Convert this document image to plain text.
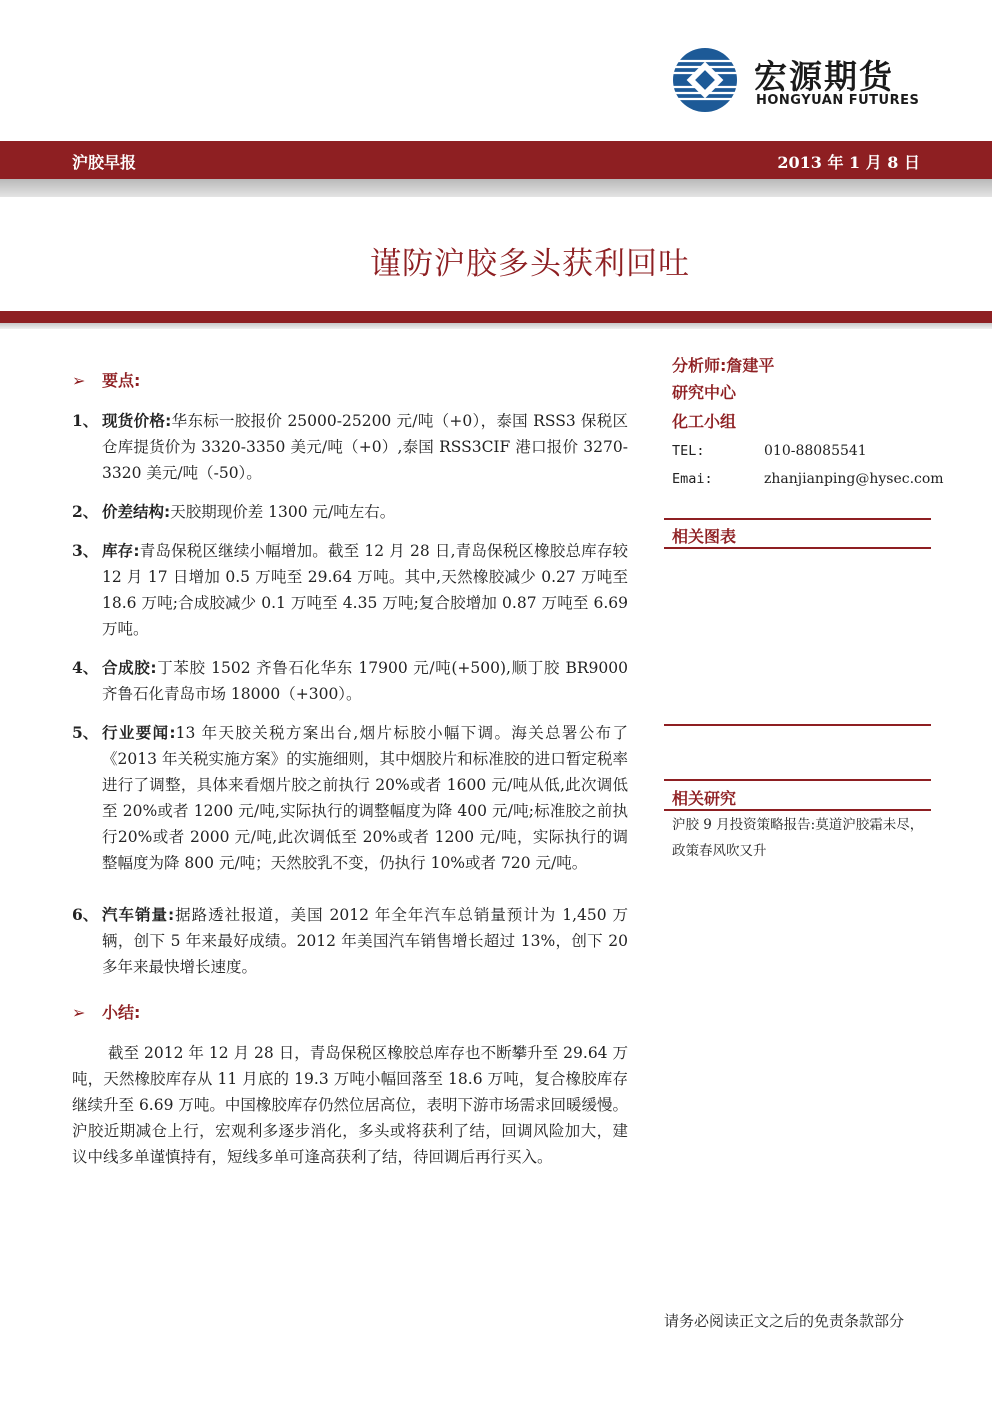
宏源期货
HONGYUAN FUTURES
沪胶早报	2013 年 1 月 8 日
谨防沪胶多头获利回吐
➢ 要点:
1、 现货价格:华东标一胶报价 25000-25200 元/吨（+0），泰国 RSS3 保税区仓库提货价为 3320-3350 美元/吨（+0）,泰国 RSS3CIF 港口报价 3270-3320 美元/吨（-50）。
2、 价差结构:天胶期现价差 1300 元/吨左右。
3、 库存:青岛保税区继续小幅增加。截至 12 月 28 日,青岛保税区橡胶总库存较 12 月 17 日增加 0.5 万吨至 29.64 万吨。其中,天然橡胶减少 0.27 万吨至 18.6 万吨;合成胶减少 0.1 万吨至 4.35 万吨;复合胶增加 0.87 万吨至 6.69 万吨。
4、 合成胶:丁苯胶 1502 齐鲁石化华东 17900 元/吨(+500),顺丁胶 BR9000 齐鲁石化青岛市场 18000（+300）。
5、 行业要闻:13 年天胶关税方案出台,烟片标胶小幅下调。海关总署公布了《2013 年关税实施方案》的实施细则，其中烟胶片和标准胶的进口暂定税率进行了调整，具体来看烟片胶之前执行 20%或者 1600 元/吨从低,此次调低至 20%或者 1200 元/吨,实际执行的调整幅度为降 400 元/吨;标准胶之前执行20%或者 2000 元/吨,此次调低至 20%或者 1200 元/吨，实际执行的调整幅度为降 800 元/吨；天然胶乳不变，仍执行 10%或者 720 元/吨。
6、 汽车销量:据路透社报道，美国 2012 年全年汽车总销量预计为 1,450 万辆，创下 5 年来最好成绩。2012 年美国汽车销售增长超过 13%，创下 20 多年来最快增长速度。
➢ 小结:
截至 2012 年 12 月 28 日，青岛保税区橡胶总库存也不断攀升至 29.64 万吨，天然橡胶库存从 11 月底的 19.3 万吨小幅回落至 18.6 万吨，复合橡胶库存继续升至 6.69 万吨。中国橡胶库存仍然位居高位，表明下游市场需求回暖缓慢。沪胶近期减仓上行，宏观利多逐步消化，多头或将获利了结，回调风险加大，建议中线多单谨慎持有，短线多单可逢高获利了结，待回调后再行买入。
分析师:詹建平
研究中心
化工小组
TEL:	010-88085541
Emai:	zhanjianping@hysec.com
相关图表
相关研究
沪胶 9 月投资策略报告:莫道沪胶霜未尽，政策春风吹又升
请务必阅读正文之后的免责条款部分
